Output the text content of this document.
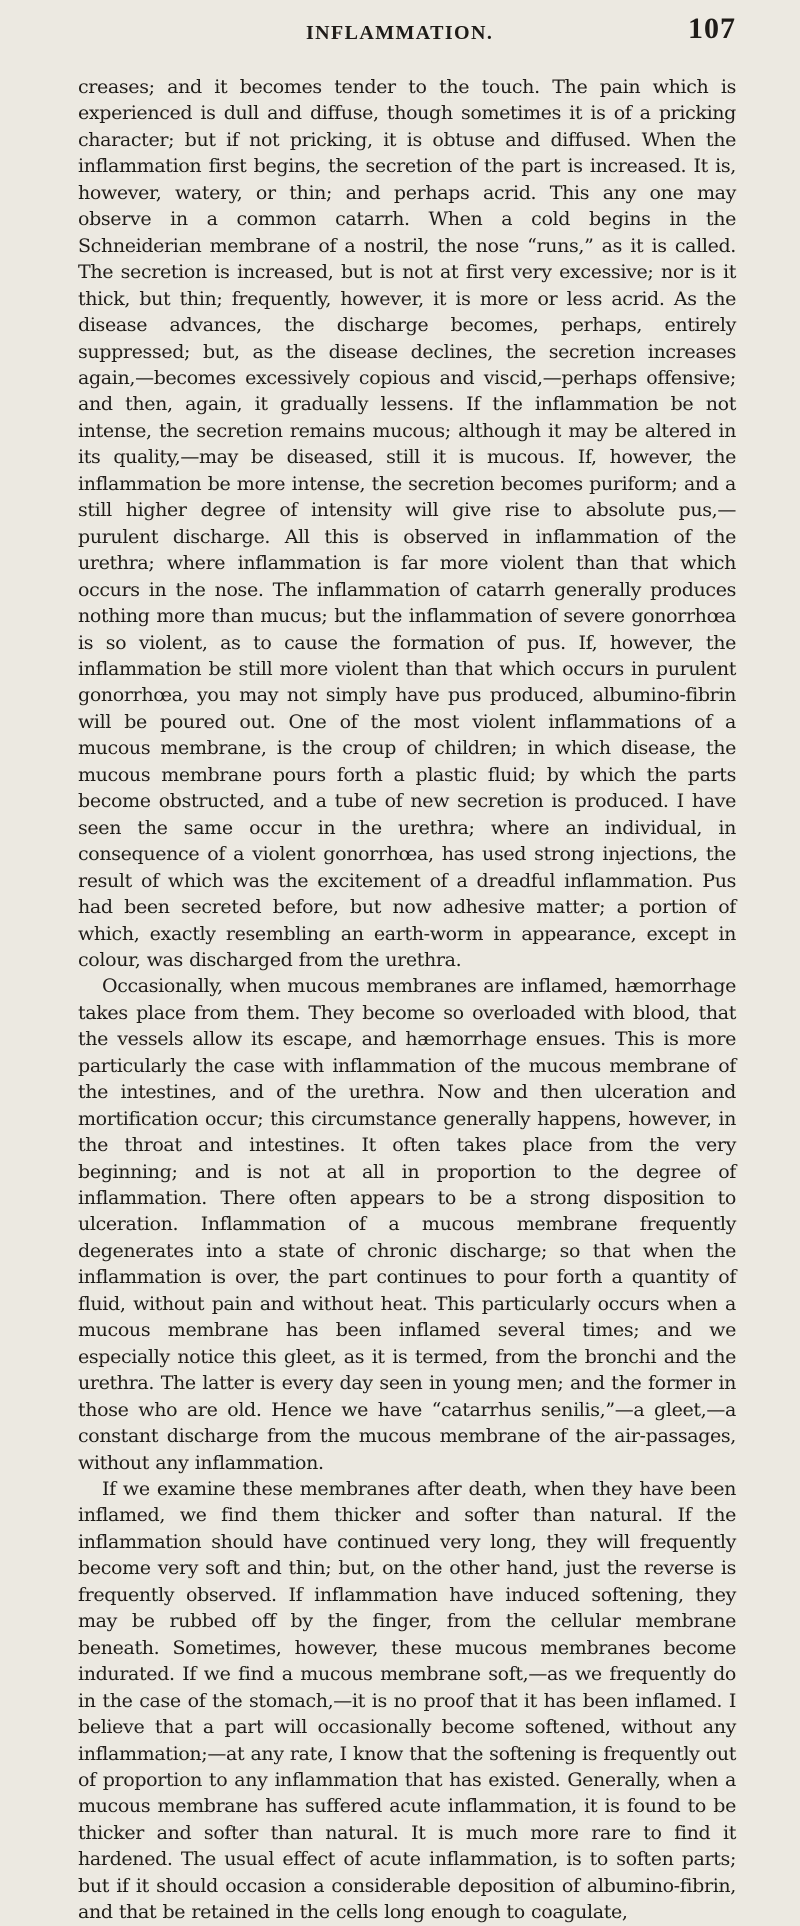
INFLAMMATION.	107

creases; and it becomes tender to the touch. The pain which is experienced is dull and diffuse, though sometimes it is of a pricking character; but if not pricking, it is obtuse and diffused. When the inflammation first begins, the secretion of the part is increased. It is, however, watery, or thin; and perhaps acrid. This any one may observe in a common catarrh. When a cold begins in the Schneiderian membrane of a nostril, the nose “runs,” as it is called. The secretion is increased, but is not at first very excessive; nor is it thick, but thin; frequently, however, it is more or less acrid. As the disease advances, the discharge becomes, perhaps, entirely suppressed; but, as the disease declines, the secretion increases again,—becomes excessively copious and viscid,—perhaps offensive; and then, again, it gradually lessens. If the inflammation be not intense, the secretion remains mucous; although it may be altered in its quality,—may be diseased, still it is mucous. If, however, the inflammation be more intense, the secretion becomes puriform; and a still higher degree of intensity will give rise to absolute pus,—purulent discharge. All this is observed in inflammation of the urethra; where inflammation is far more violent than that which occurs in the nose. The inflammation of catarrh generally produces nothing more than mucus; but the inflammation of severe gonorrhœa is so violent, as to cause the formation of pus. If, however, the inflammation be still more violent than that which occurs in purulent gonorrhœa, you may not simply have pus produced, albumino-fibrin will be poured out. One of the most violent inflammations of a mucous membrane, is the croup of children; in which disease, the mucous membrane pours forth a plastic fluid; by which the parts become obstructed, and a tube of new secretion is produced. I have seen the same occur in the urethra; where an individual, in consequence of a violent gonorrhœa, has used strong injections, the result of which was the excitement of a dreadful inflammation. Pus had been secreted before, but now adhesive matter; a portion of which, exactly resembling an earth-worm in appearance, except in colour, was discharged from the urethra.

Occasionally, when mucous membranes are inflamed, hæmorrhage takes place from them. They become so overloaded with blood, that the vessels allow its escape, and hæmorrhage ensues. This is more particularly the case with inflammation of the mucous membrane of the intestines, and of the urethra. Now and then ulceration and mortification occur; this circumstance generally happens, however, in the throat and intestines. It often takes place from the very beginning; and is not at all in proportion to the degree of inflammation. There often appears to be a strong disposition to ulceration. Inflammation of a mucous membrane frequently degenerates into a state of chronic discharge; so that when the inflammation is over, the part continues to pour forth a quantity of fluid, without pain and without heat. This particularly occurs when a mucous membrane has been inflamed several times; and we especially notice this gleet, as it is termed, from the bronchi and the urethra. The latter is every day seen in young men; and the former in those who are old. Hence we have “catarrhus senilis,”—a gleet,—a constant discharge from the mucous membrane of the air-passages, without any inflammation.

If we examine these membranes after death, when they have been inflamed, we find them thicker and softer than natural. If the inflammation should have continued very long, they will frequently become very soft and thin; but, on the other hand, just the reverse is frequently observed. If inflammation have induced softening, they may be rubbed off by the finger, from the cellular membrane beneath. Sometimes, however, these mucous membranes become indurated. If we find a mucous membrane soft,—as we frequently do in the case of the stomach,—it is no proof that it has been inflamed. I believe that a part will occasionally become softened, without any inflammation;—at any rate, I know that the softening is frequently out of proportion to any inflammation that has existed. Generally, when a mucous membrane has suffered acute inflammation, it is found to be thicker and softer than natural. It is much more rare to find it hardened. The usual effect of acute inflammation, is to soften parts; but if it should occasion a considerable deposition of albumino-fibrin, and that be retained in the cells long enough to coagulate,
